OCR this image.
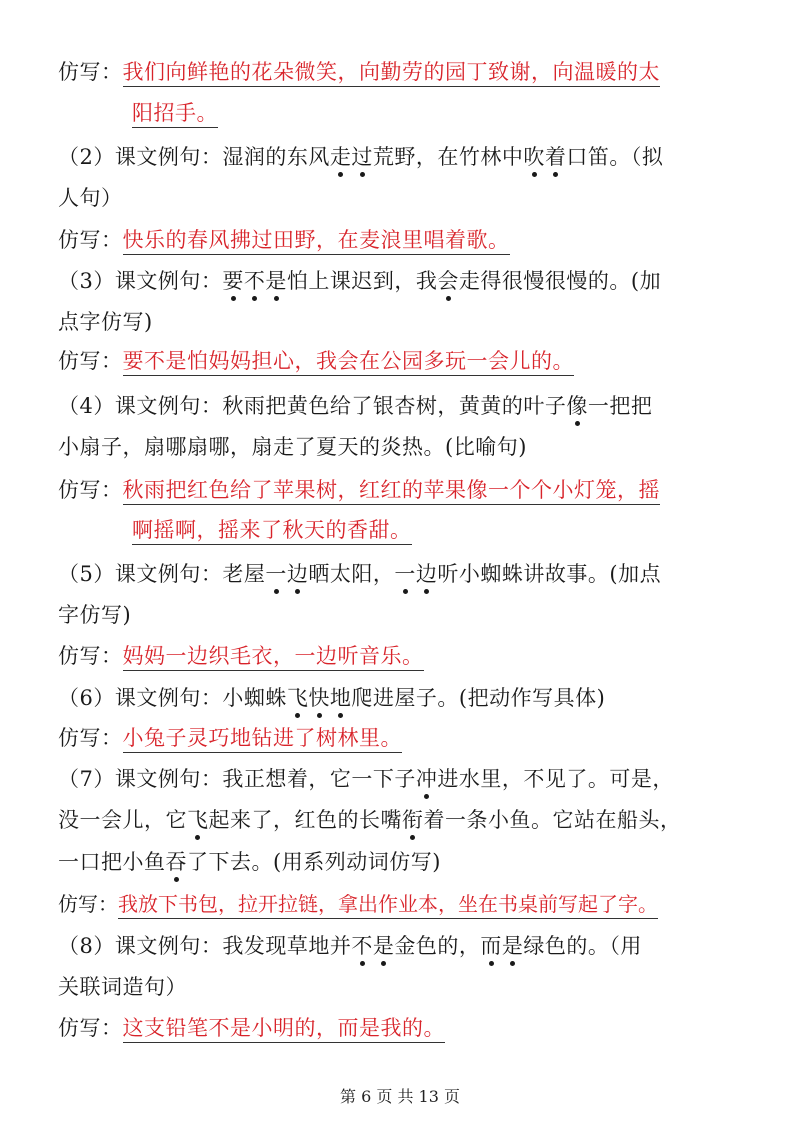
仿写：我们向鲜艳的花朵微笑，向勤劳的园丁致谢，向温暖的太
阳招手。
（2）课文例句：湿润的东风走过荒野，在竹林中吹着口笛。（拟
人句）
仿写：快乐的春风拂过田野，在麦浪里唱着歌。
（3）课文例句：要不是怕上课迟到，我会走得很慢很慢的。(加
点字仿写)
仿写：要不是怕妈妈担心，我会在公园多玩一会儿的。
（4）课文例句：秋雨把黄色给了银杏树，黄黄的叶子像一把把
小扇子，扇哪扇哪，扇走了夏天的炎热。(比喻句)
仿写：秋雨把红色给了苹果树，红红的苹果像一个个小灯笼，摇
啊摇啊，摇来了秋天的香甜。
（5）课文例句：老屋一边晒太阳，一边听小蜘蛛讲故事。(加点
字仿写)
仿写：妈妈一边织毛衣，一边听音乐。
（6）课文例句：小蜘蛛飞快地爬进屋子。(把动作写具体)
仿写：小兔子灵巧地钻进了树林里。
（7）课文例句：我正想着，它一下子冲进水里，不见了。可是，
没一会儿，它飞起来了，红色的长嘴衔着一条小鱼。它站在船头，
一口把小鱼吞了下去。(用系列动词仿写)
仿写：我放下书包，拉开拉链，拿出作业本，坐在书桌前写起了字。
（8）课文例句：我发现草地并不是金色的，而是绿色的。（用
关联词造句）
仿写：这支铅笔不是小明的，而是我的。
第 6 页 共 13 页
